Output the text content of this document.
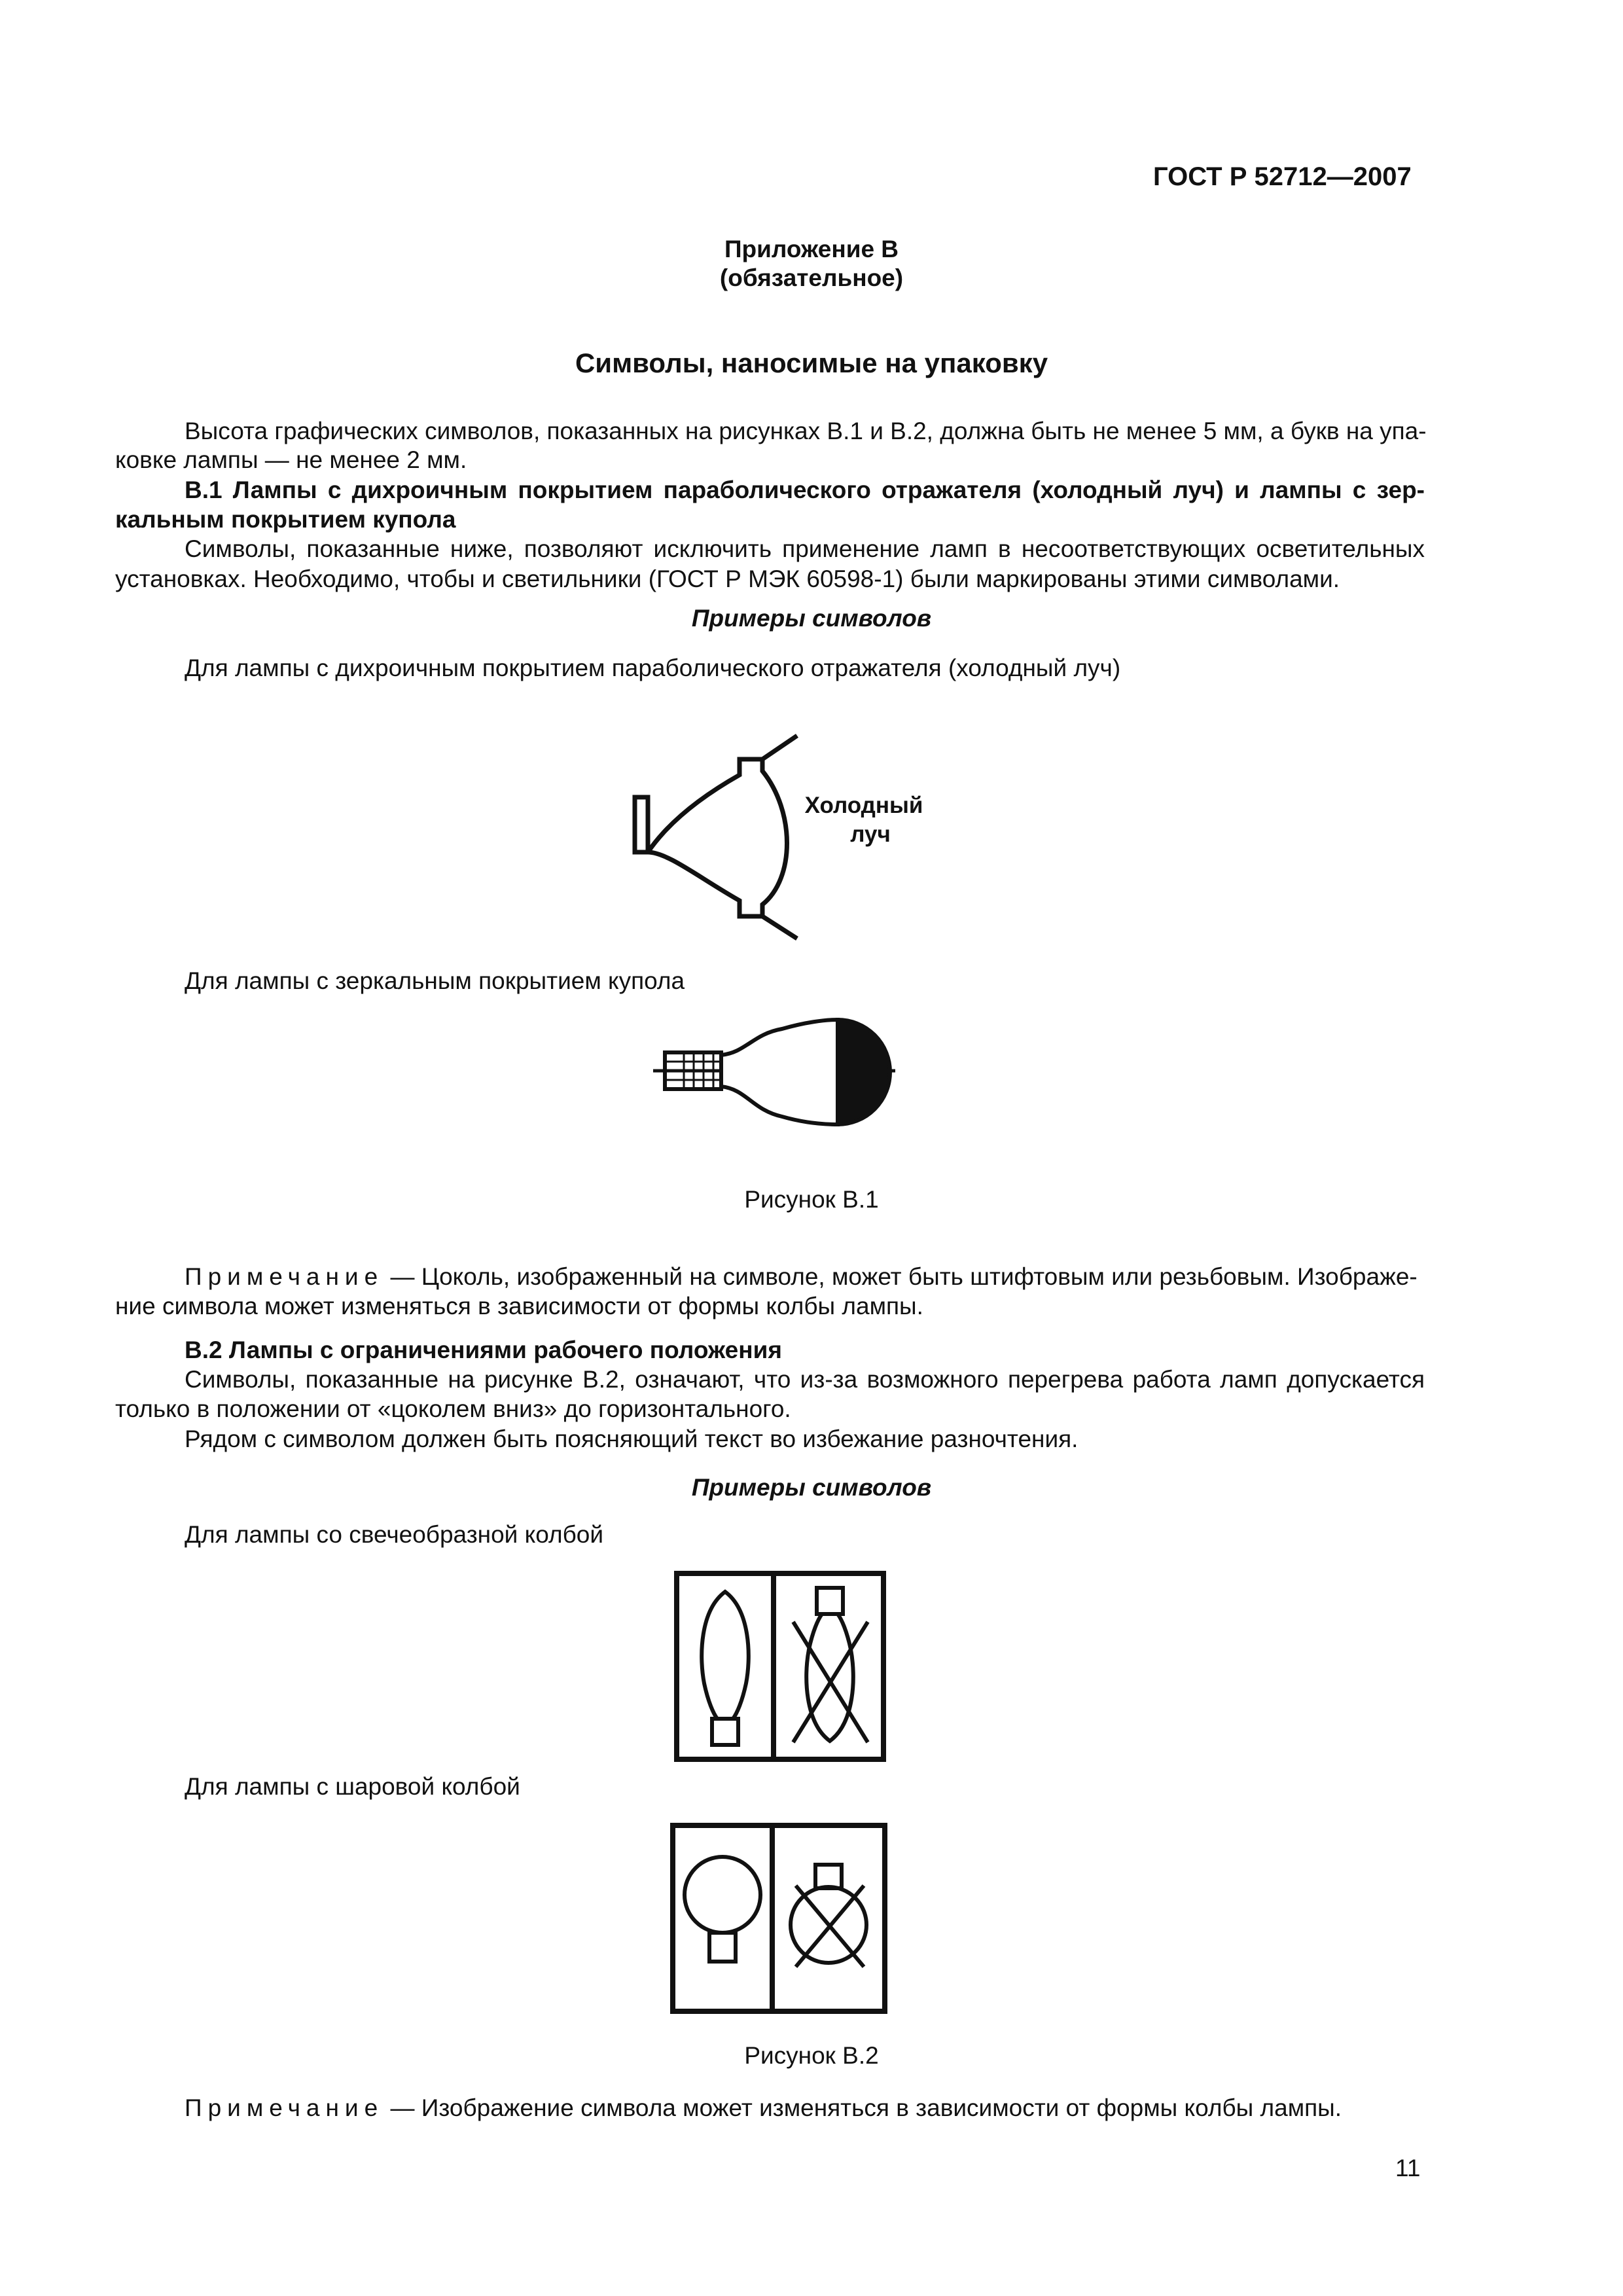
ГОСТ Р 52712—2007
Приложение В
(обязательное)
Символы, наносимые на упаковку
Высота графических символов, показанных на рисунках В.1 и В.2, должна быть не менее 5 мм, а букв на упа-
ковке лампы — не менее 2 мм.
В.1 Лампы с дихроичным покрытием параболического отражателя (холодный луч) и лампы с зер-
кальным покрытием купола
Символы, показанные ниже, позволяют исключить применение ламп в несоответствующих осветительных
установках. Необходимо, чтобы и светильники (ГОСТ Р МЭК 60598-1) были маркированы этими символами.
Примеры символов
Для лампы с дихроичным покрытием параболического отражателя (холодный луч)
Холодный
луч
Для лампы с зеркальным покрытием купола
Рисунок В.1
Примечание — Цоколь, изображенный на символе, может быть штифтовым или резьбовым. Изображе-
ние символа может изменяться в зависимости от формы колбы лампы.
В.2 Лампы с ограничениями рабочего положения
Символы, показанные на рисунке В.2, означают, что из-за возможного перегрева работа ламп допускается
только в положении от «цоколем вниз» до горизонтального.
Рядом с символом должен быть поясняющий текст во избежание разночтения.
Примеры символов
Для лампы со свечеобразной колбой
Для лампы с шаровой колбой
Рисунок В.2
Примечание — Изображение символа может изменяться в зависимости от формы колбы лампы.
11
